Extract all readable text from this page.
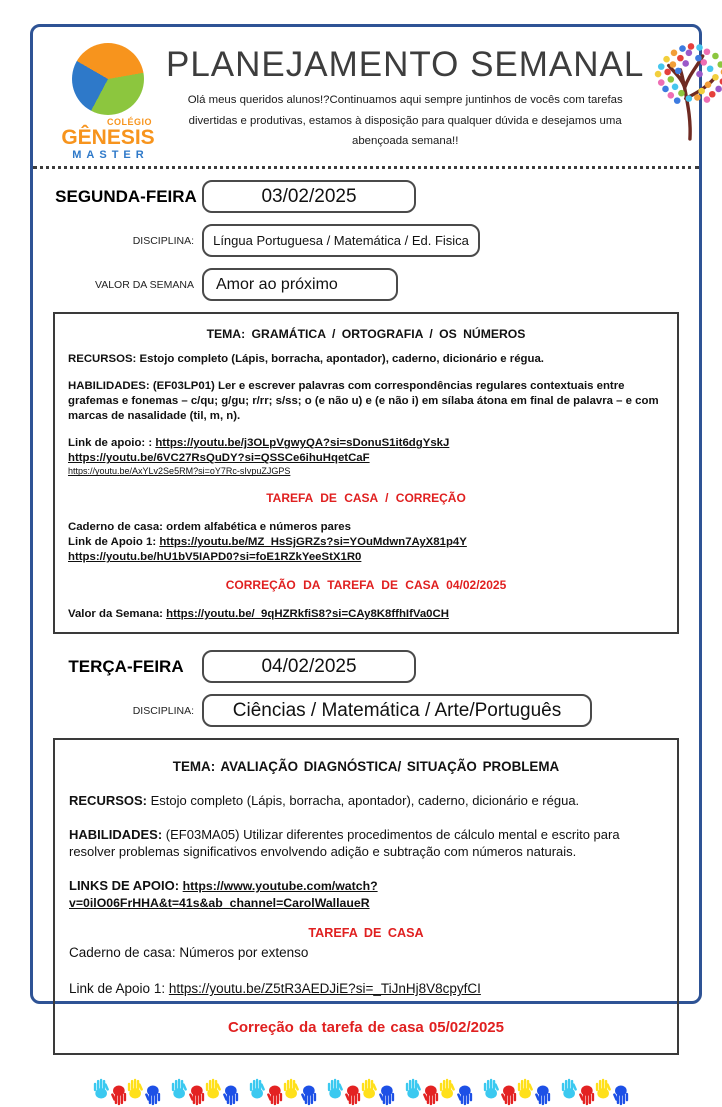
COLÉGIO
GÊNESIS
MASTER
PLANEJAMENTO SEMANAL
Olá meus queridos alunos!?Continuamos aqui sempre juntinhos de vocês com tarefas divertidas e produtivas, estamos à disposição para qualquer dúvida e desejamos uma abençoada semana!!
SEGUNDA-FEIRA	03/02/2025
DISCIPLINA:	Língua Portuguesa / Matemática / Ed. Fisica
VALOR DA SEMANA	Amor ao próximo

TEMA: GRAMÁTICA / ORTOGRAFIA / OS NÚMEROS

RECURSOS: Estojo completo (Lápis, borracha, apontador), caderno, dicionário e régua.

HABILIDADES: (EF03LP01) Ler e escrever palavras com correspondências regulares contextuais entre grafemas e fonemas – c/qu; g/gu; r/rr; s/ss; o (e não u) e (e não i) em sílaba átona em final de palavra – e com marcas de nasalidade (til, m, n).

Link de apoio: : https://youtu.be/j3OLpVgwyQA?si=sDonuS1it6dgYskJ

https://youtu.be/6VC27RsQuDY?si=QSSCe6ihuHqetCaF

https://youtu.be/AxYLv2Se5RM?si=oY7Rc-sIvpuZJGPS

TAREFA DE CASA / CORREÇÃO

Caderno de casa: ordem alfabética e números pares

Link de Apoio 1: https://youtu.be/MZ_HsSjGRZs?si=YOuMdwn7AyX81p4Y

https://youtu.be/hU1bV5IAPD0?si=foE1RZkYeeStX1R0

CORREÇÃO DA TAREFA DE CASA 04/02/2025

Valor da Semana: https://youtu.be/_9qHZRkfiS8?si=CAy8K8ffhIfVa0CH

TERÇA-FEIRA	04/02/2025
DISCIPLINA:	Ciências / Matemática / Arte/Português

TEMA: AVALIAÇÃO DIAGNÓSTICA/ SITUAÇÃO PROBLEMA

RECURSOS: Estojo completo (Lápis, borracha, apontador), caderno, dicionário e régua.

HABILIDADES: (EF03MA05) Utilizar diferentes procedimentos de cálculo mental e escrito para resolver problemas significativos envolvendo adição e subtração com números naturais.

LINKS DE APOIO: https://www.youtube.com/watch?v=0ilO06FrHHA&t=41s&ab_channel=CarolWallaueR

TAREFA DE CASA

Caderno de casa: Números por extenso

Link de Apoio 1: https://youtu.be/Z5tR3AEDJiE?si=_TiJnHj8V8cpyfCI

Correção da tarefa de casa 05/02/2025
